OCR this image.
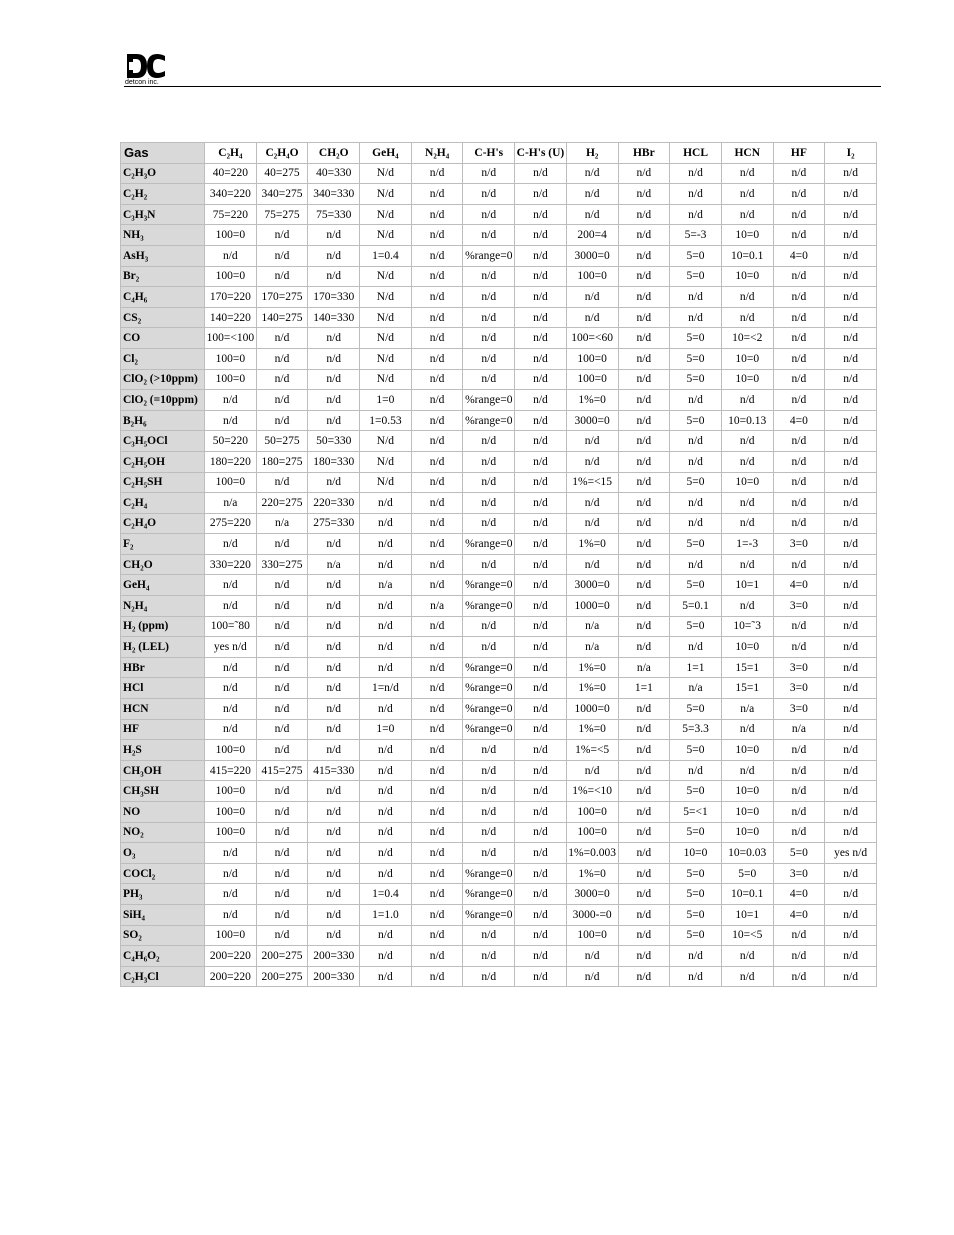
detcon inc.
Gas	C₂H₄	C₂H₄O	CH₂O	GeH₄	N₂H₄	C-H's	C-H's (U)	H₂	HBr	HCL	HCN	HF	I₂
C₂H₃O	40=220	40=275	40=330	N/d	n/d	n/d	n/d	n/d	n/d	n/d	n/d	n/d	n/d
C₂H₂	340=220	340=275	340=330	N/d	n/d	n/d	n/d	n/d	n/d	n/d	n/d	n/d	n/d
C₃H₃N	75=220	75=275	75=330	N/d	n/d	n/d	n/d	n/d	n/d	n/d	n/d	n/d	n/d
NH₃	100=0	n/d	n/d	N/d	n/d	n/d	n/d	200=4	n/d	5=-3	10=0	n/d	n/d
AsH₃	n/d	n/d	n/d	1=0.4	n/d	%range=0	n/d	3000=0	n/d	5=0	10=0.1	4=0	n/d
Br₂	100=0	n/d	n/d	N/d	n/d	n/d	n/d	100=0	n/d	5=0	10=0	n/d	n/d
C₄H₆	170=220	170=275	170=330	N/d	n/d	n/d	n/d	n/d	n/d	n/d	n/d	n/d	n/d
CS₂	140=220	140=275	140=330	N/d	n/d	n/d	n/d	n/d	n/d	n/d	n/d	n/d	n/d
CO	100=<100	n/d	n/d	N/d	n/d	n/d	n/d	100=<60	n/d	5=0	10=<2	n/d	n/d
Cl₂	100=0	n/d	n/d	N/d	n/d	n/d	n/d	100=0	n/d	5=0	10=0	n/d	n/d
ClO₂ (>10ppm)	100=0	n/d	n/d	N/d	n/d	n/d	n/d	100=0	n/d	5=0	10=0	n/d	n/d
ClO₂ (=10ppm)	n/d	n/d	n/d	1=0	n/d	%range=0	n/d	1%=0	n/d	n/d	n/d	n/d	n/d
B₂H₆	n/d	n/d	n/d	1=0.53	n/d	%range=0	n/d	3000=0	n/d	5=0	10=0.13	4=0	n/d
C₃H₅OCl	50=220	50=275	50=330	N/d	n/d	n/d	n/d	n/d	n/d	n/d	n/d	n/d	n/d
C₂H₅OH	180=220	180=275	180=330	N/d	n/d	n/d	n/d	n/d	n/d	n/d	n/d	n/d	n/d
C₂H₅SH	100=0	n/d	n/d	N/d	n/d	n/d	n/d	1%=<15	n/d	5=0	10=0	n/d	n/d
C₂H₄	n/a	220=275	220=330	n/d	n/d	n/d	n/d	n/d	n/d	n/d	n/d	n/d	n/d
C₂H₄O	275=220	n/a	275=330	n/d	n/d	n/d	n/d	n/d	n/d	n/d	n/d	n/d	n/d
F₂	n/d	n/d	n/d	n/d	n/d	%range=0	n/d	1%=0	n/d	5=0	1=-3	3=0	n/d
CH₂O	330=220	330=275	n/a	n/d	n/d	n/d	n/d	n/d	n/d	n/d	n/d	n/d	n/d
GeH₄	n/d	n/d	n/d	n/a	n/d	%range=0	n/d	3000=0	n/d	5=0	10=1	4=0	n/d
N₂H₄	n/d	n/d	n/d	n/d	n/a	%range=0	n/d	1000=0	n/d	5=0.1	n/d	3=0	n/d
H₂ (ppm)	100=˜80	n/d	n/d	n/d	n/d	n/d	n/d	n/a	n/d	5=0	10=˜3	n/d	n/d
H₂ (LEL)	yes n/d	n/d	n/d	n/d	n/d	n/d	n/d	n/a	n/d	n/d	10=0	n/d	n/d
HBr	n/d	n/d	n/d	n/d	n/d	%range=0	n/d	1%=0	n/a	1=1	15=1	3=0	n/d
HCl	n/d	n/d	n/d	1=n/d	n/d	%range=0	n/d	1%=0	1=1	n/a	15=1	3=0	n/d
HCN	n/d	n/d	n/d	n/d	n/d	%range=0	n/d	1000=0	n/d	5=0	n/a	3=0	n/d
HF	n/d	n/d	n/d	1=0	n/d	%range=0	n/d	1%=0	n/d	5=3.3	n/d	n/a	n/d
H₂S	100=0	n/d	n/d	n/d	n/d	n/d	n/d	1%=<5	n/d	5=0	10=0	n/d	n/d
CH₃OH	415=220	415=275	415=330	n/d	n/d	n/d	n/d	n/d	n/d	n/d	n/d	n/d	n/d
CH₃SH	100=0	n/d	n/d	n/d	n/d	n/d	n/d	1%=<10	n/d	5=0	10=0	n/d	n/d
NO	100=0	n/d	n/d	n/d	n/d	n/d	n/d	100=0	n/d	5=<1	10=0	n/d	n/d
NO₂	100=0	n/d	n/d	n/d	n/d	n/d	n/d	100=0	n/d	5=0	10=0	n/d	n/d
O₃	n/d	n/d	n/d	n/d	n/d	n/d	n/d	1%=0.003	n/d	10=0	10=0.03	5=0	yes n/d
COCl₂	n/d	n/d	n/d	n/d	n/d	%range=0	n/d	1%=0	n/d	5=0	5=0	3=0	n/d
PH₃	n/d	n/d	n/d	1=0.4	n/d	%range=0	n/d	3000=0	n/d	5=0	10=0.1	4=0	n/d
SiH₄	n/d	n/d	n/d	1=1.0	n/d	%range=0	n/d	3000-=0	n/d	5=0	10=1	4=0	n/d
SO₂	100=0	n/d	n/d	n/d	n/d	n/d	n/d	100=0	n/d	5=0	10=<5	n/d	n/d
C₄H₆O₂	200=220	200=275	200=330	n/d	n/d	n/d	n/d	n/d	n/d	n/d	n/d	n/d	n/d
C₂H₃Cl	200=220	200=275	200=330	n/d	n/d	n/d	n/d	n/d	n/d	n/d	n/d	n/d	n/d
